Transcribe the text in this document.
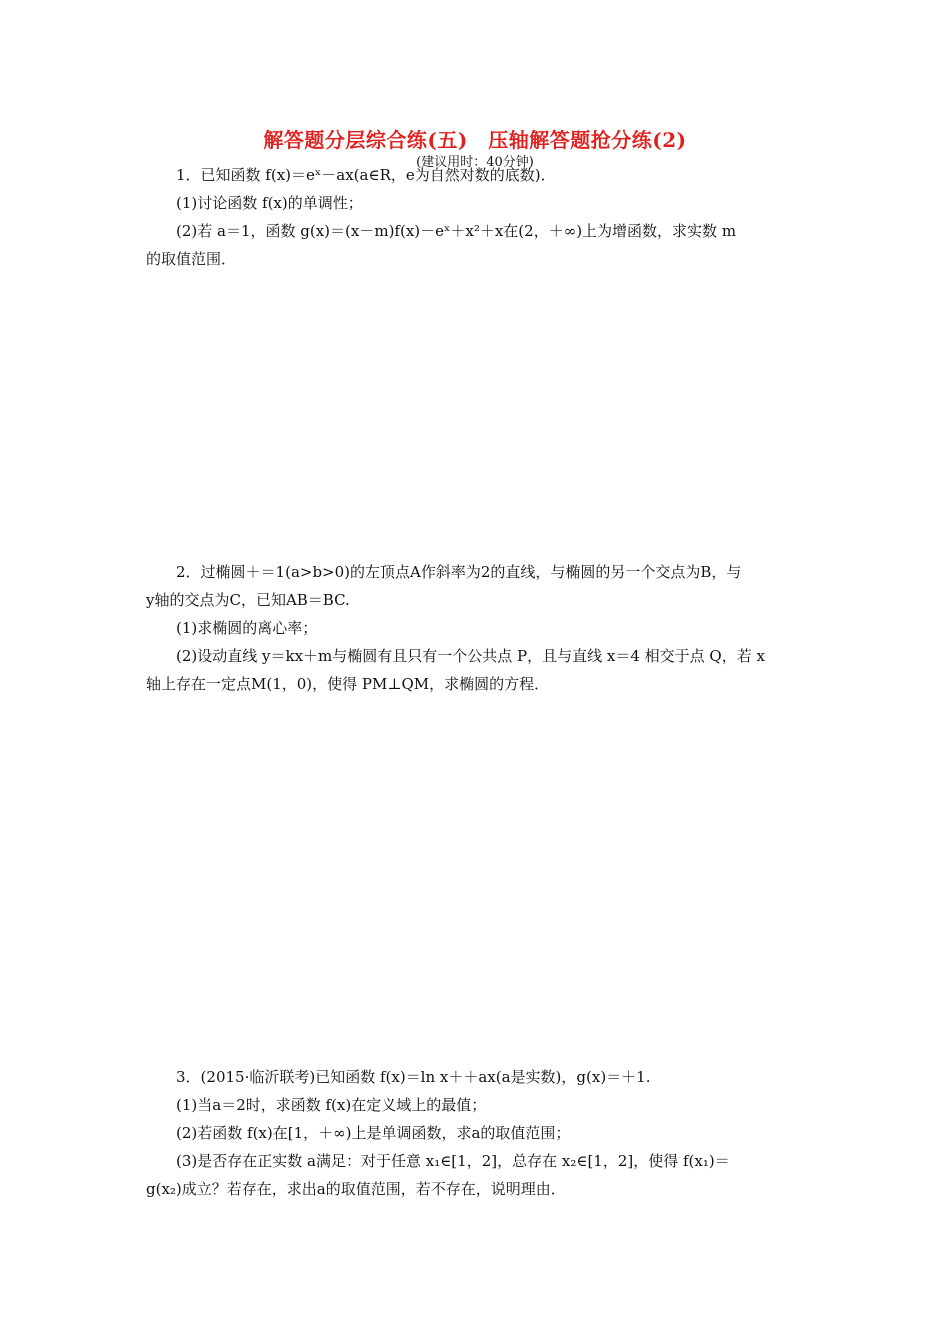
解答题分层综合练(五)　压轴解答题抢分练(2)
(建议用时：40分钟)
1．已知函数 f(x)＝eˣ－ax(a∈R，e为自然对数的底数)．
(1)讨论函数 f(x)的单调性；
(2)若 a＝1，函数 g(x)＝(x－m)f(x)－eˣ＋x²＋x在(2，＋∞)上为增函数，求实数 m
的取值范围．
2．过椭圆＋＝1(a>b>0)的左顶点A作斜率为2的直线，与椭圆的另一个交点为B，与
y轴的交点为C，已知AB＝BC.
(1)求椭圆的离心率；
(2)设动直线 y＝kx＋m与椭圆有且只有一个公共点 P，且与直线 x＝4 相交于点 Q，若 x
轴上存在一定点M(1，0)，使得 PM⊥QM，求椭圆的方程．
3．(2015·临沂联考)已知函数 f(x)＝ln x＋＋ax(a是实数)，g(x)＝＋1.
(1)当a＝2时，求函数 f(x)在定义域上的最值；
(2)若函数 f(x)在[1，＋∞)上是单调函数，求a的取值范围；
(3)是否存在正实数 a满足：对于任意 x₁∈[1，2]，总存在 x₂∈[1，2]，使得 f(x₁)＝
g(x₂)成立？若存在，求出a的取值范围，若不存在，说明理由．
